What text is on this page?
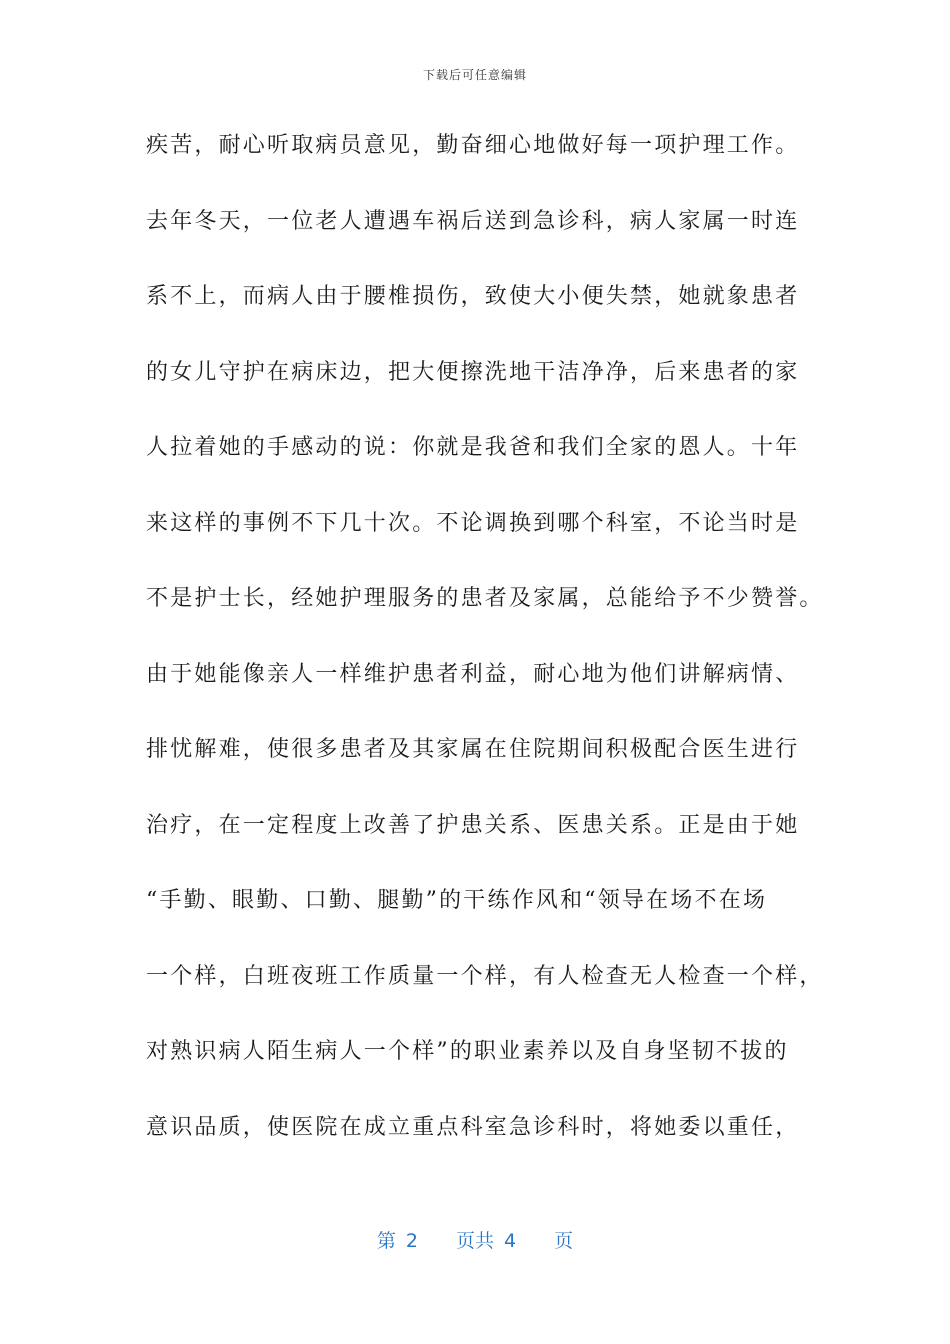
下载后可任意编辑
疾苦，耐心听取病员意见，勤奋细心地做好每一项护理工作。
去年冬天，一位老人遭遇车祸后送到急诊科，病人家属一时连
系不上，而病人由于腰椎损伤，致使大小便失禁，她就象患者
的女儿守护在病床边，把大便擦洗地干洁净净，后来患者的家
人拉着她的手感动的说：你就是我爸和我们全家的恩人。十年
来这样的事例不下几十次。不论调换到哪个科室，不论当时是
不是护士长，经她护理服务的患者及家属，总能给予不少赞誉。
由于她能像亲人一样维护患者利益，耐心地为他们讲解病情、
排忧解难，使很多患者及其家属在住院期间积极配合医生进行
治疗，在一定程度上改善了护患关系、医患关系。正是由于她
“手勤、眼勤、口勤、腿勤”的干练作风和“领导在场不在场
一个样，白班夜班工作质量一个样，有人检查无人检查一个样，
对熟识病人陌生病人一个样”的职业素养以及自身坚韧不拔的
意识品质，使医院在成立重点科室急诊科时，将她委以重任，
第 2 页共 4 页
